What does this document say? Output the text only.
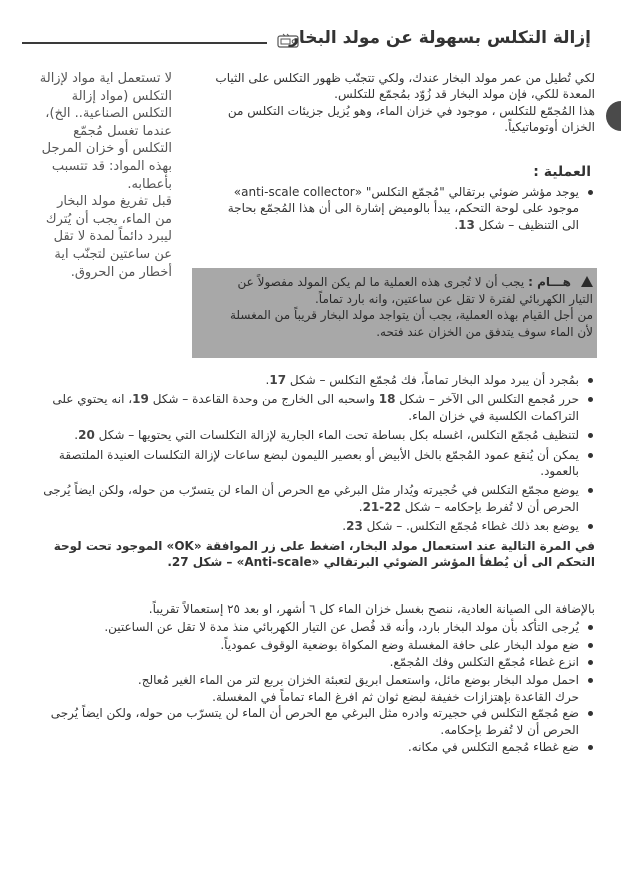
إزالة التكلس بسهولة عن مولد البخار
لا تستعمل اية مواد لإزالة
التكلس (مواد إزالة
التكلس الصناعية.. الخ)،
عندما تغسل مُجمّع
التكلس أو خزان المرجل
بهذه المواد: قد تتسبب
بأعطابه.
قبل تفريغ مولد البخار
من الماء، يجب أن يُترك
ليبرد دائماً لمدة لا تقل
عن ساعتين لتجنّب اية
أخطار من الحروق.

لكي تُطيل من عمر مولد البخار عندك، ولكي تتجنّب ظهور التكلس على الثياب

المعدة للكي، فإن مولد البخار قد زُوّد بمُجمّع للتكلس.

هذا المُجمّع للتكلس ، موجود في خزان الماء، وهو يُزيل جزيئات التكلس من

الخزان أوتوماتيكياً.

العملية :
يوجد مؤشر ضوئي برتقالي "مُجمّع التكلس" «anti-scale collector»
موجود على لوحة التحكم، يبدأ بالوميض إشارة الى أن هذا المُجمّع بحاجة
الى التنظيف – شكل 13.

هـــام : يجب أن لا تُجرى هذه العملية ما لم يكن المولد مفصولاً عن

التيار الكهربائي لفترة لا تقل عن ساعتين، وانه بارد تماماً.

من أجل القيام بهذه العملية، يجب أن يتواجد مولد البخار قريباً من المغسلة

لأن الماء سوف يتدفق من الخزان عند فتحه.

بمُجرد أن يبرد مولد البخار تماماً، فك مُجمّع التكلس – شكل 17.
حرر مُجمع التكلس الى الآخر – شكل 18 واسحبه الى الخارج من وحدة القاعدة – شكل 19، انه يحتوي على التراكمات الكلسية في خزان الماء.
لتنظيف مُجمّع التكلس، اغسله بكل بساطة تحت الماء الجارية لإزالة التكلسات التي يحتويها – شكل 20.
يمكن أن يُنقع عمود المُجمّع بالخل الأبيض أو بعصير الليمون لبضع ساعات لإزالة التكلسات العنيدة الملتصقة بالعمود.
يوضع مجمّع التكلس في حُجيرته ويُدار مثل البرغي مع الحرص أن الماء لن يتسرّب من حوله، ولكن ايضاً يُرجى الحرص أن لا تُفرط بإحكامه – شكل 22-21.
يوضع بعد ذلك غطاء مُجمّع التكلس. – شكل 23.
في المرة التالية عند استعمال مولد البخار، اضغط على زر الموافقة «OK» الموجود تحت لوحة التحكم الى أن يُطفأ المؤشر الضوئي البرتقالي «Anti-scale» – شكل 27.
بالإضافة الى الصيانة العادية، ننصح بغسل خزان الماء كل ٦ أشهر، او بعد ٢٥ إستعمالاً تقريباً.
يُرجى التأكد بأن مولد البخار بارد، وأنه قد فُصل عن التيار الكهربائي منذ مدة لا تقل عن الساعتين.
ضع مولد البخار على حافة المغسلة وضع المكواة بوضعية الوقوف عمودياً.
انزع غطاء مُجمّع التكلس وفك المُجمّع.
احمل مولد البخار بوضع مائل، واستعمل ابريق لتعبئة الخزان بربع لتر من الماء الغير مُعالج.
حرك القاعدة بإهتزازات خفيفة لبضع ثوان ثم افرغ الماء تماماً في المغسلة.
ضع مُجمّع التكلس في حجيرته وادره مثل البرغي مع الحرص أن الماء لن يتسرّب من حوله، ولكن ايضاً يُرجى الحرص أن لا تُفرط بإحكامه.
ضع غطاء مُجمع التكلس في مكانه.
